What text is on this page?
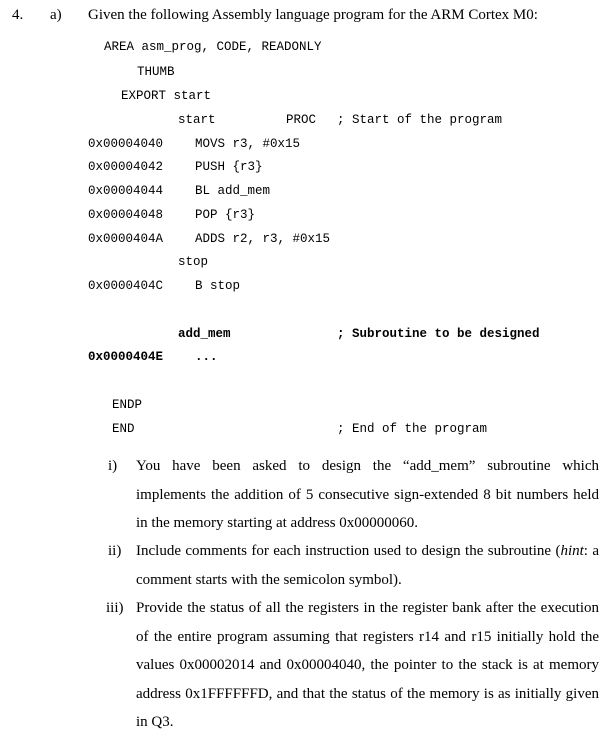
4. a) Given the following Assembly language program for the ARM Cortex M0:
AREA asm_prog, CODE, READONLY
THUMB
EXPORT start
start	PROC ; Start of the program
0x00004040	MOVS r3, #0x15
0x00004042	PUSH {r3}
0x00004044	BL add_mem
0x00004048	POP {r3}
0x0000404A	ADDS r2, r3, #0x15
stop
0x0000404C	B stop
add_mem	; Subroutine to be designed
0x0000404E	...
ENDP
END	; End of the program
i) You have been asked to design the “add_mem” subroutine which implements the addition of 5 consecutive sign-extended 8 bit numbers held in the memory starting at address 0x00000060.
ii) Include comments for each instruction used to design the subroutine (hint: a comment starts with the semicolon symbol).
iii) Provide the status of all the registers in the register bank after the execution of the entire program assuming that registers r14 and r15 initially hold the values 0x00002014 and 0x00004040, the pointer to the stack is at memory address 0x1FFFFFFD, and that the status of the memory is as initially given in Q3.
